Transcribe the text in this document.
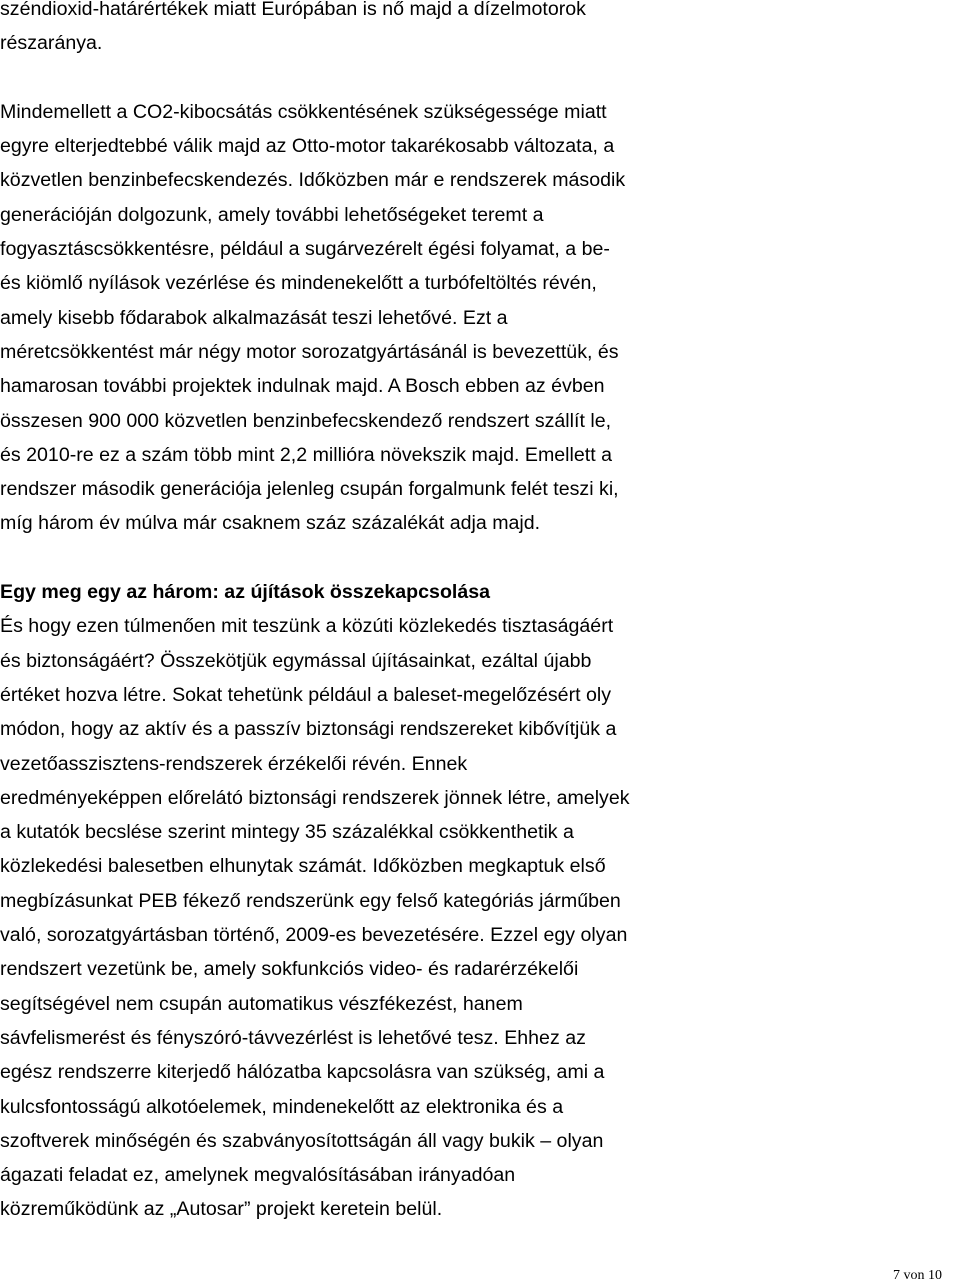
széndioxid-határértékek miatt Európában is nő majd a dízelmotorok
részaránya.
Mindemellett a CO2-kibocsátás csökkentésének szükségessége miatt
egyre elterjedtebbé válik majd az Otto-motor takarékosabb változata, a
közvetlen benzinbefecskendezés. Időközben már e rendszerek második
generációján dolgozunk, amely további lehetőségeket teremt a
fogyasztáscsökkentésre, például a sugárvezérelt égési folyamat, a be-
és kiömlő nyílások vezérlése és mindenekelőtt a turbófeltöltés révén,
amely kisebb fődarabok alkalmazását teszi lehetővé. Ezt a
méretcsökkentést már négy motor sorozatgyártásánál is bevezettük, és
hamarosan további projektek indulnak majd. A Bosch ebben az évben
összesen 900 000 közvetlen benzinbefecskendező rendszert szállít le,
és 2010-re ez a szám több mint 2,2 millióra növekszik majd. Emellett a
rendszer második generációja jelenleg csupán forgalmunk felét teszi ki,
míg három év múlva már csaknem száz százalékát adja majd.
Egy meg egy az három: az újítások összekapcsolása
És hogy ezen túlmenően mit teszünk a közúti közlekedés tisztaságáért
és biztonságáért? Összekötjük egymással újításainkat, ezáltal újabb
értéket hozva létre. Sokat tehetünk például a baleset-megelőzésért oly
módon, hogy az aktív és a passzív biztonsági rendszereket kibővítjük a
vezetőasszisztens-rendszerek érzékelői révén. Ennek
eredményeképpen előrelátó biztonsági rendszerek jönnek létre, amelyek
a kutatók becslése szerint mintegy 35 százalékkal csökkenthetik a
közlekedési balesetben elhunytak számát. Időközben megkaptuk első
megbízásunkat PEB fékező rendszerünk egy felső kategóriás járműben
való, sorozatgyártásban történő, 2009-es bevezetésére. Ezzel egy olyan
rendszert vezetünk be, amely sokfunkciós video- és radarérzékelői
segítségével nem csupán automatikus vészfékezést, hanem
sávfelismerést és fényszóró-távvezérlést is lehetővé tesz. Ehhez az
egész rendszerre kiterjedő hálózatba kapcsolásra van szükség, ami a
kulcsfontosságú alkotóelemek, mindenekelőtt az elektronika és a
szoftverek minőségén és szabványosítottságán áll vagy bukik – olyan
ágazati feladat ez, amelynek megvalósításában irányadóan
közreműködünk az „Autosar” projekt keretein belül.
7 von 10
